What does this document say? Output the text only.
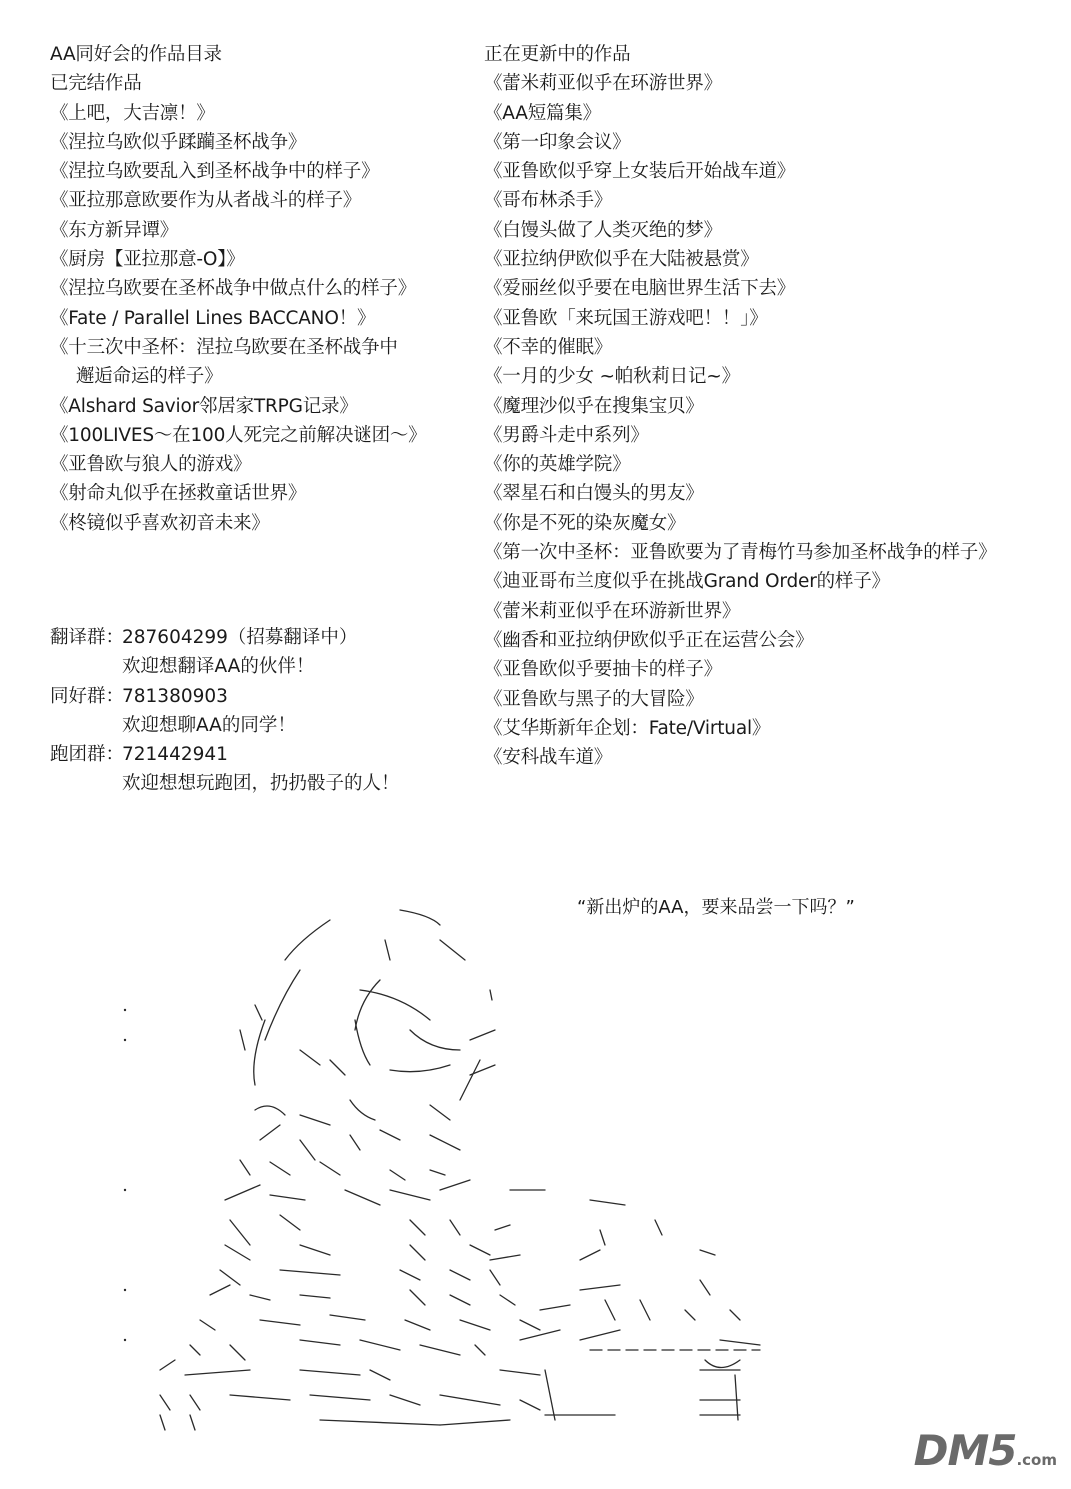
AA同好会的作品目录
已完结作品
《上吧，大吉凛！》
《涅拉乌欧似乎蹂躏圣杯战争》
《涅拉乌欧要乱入到圣杯战争中的样子》
《亚拉那意欧要作为从者战斗的样子》
《东方新异谭》
《厨房【亚拉那意-O】》
《涅拉乌欧要在圣杯战争中做点什么的样子》
《Fate / Parallel Lines BACCANO！》
《十三次中圣杯：涅拉乌欧要在圣杯战争中
邂逅命运的样子》
《Alshard Savior邻居家TRPG记录》
《100LIVES～在100人死完之前解决谜团～》
《亚鲁欧与狼人的游戏》
《射命丸似乎在拯救童话世界》
《柊镜似乎喜欢初音未来》
正在更新中的作品
《蕾米莉亚似乎在环游世界》
《AA短篇集》
《第一印象会议》
《亚鲁欧似乎穿上女装后开始战车道》
《哥布林杀手》
《白馒头做了人类灭绝的梦》
《亚拉纳伊欧似乎在大陆被悬赏》
《爱丽丝似乎要在电脑世界生活下去》
《亚鲁欧「来玩国王游戏吧！！」》
《不幸的催眠》
《一月的少女 ~帕秋莉日记~》
《魔理沙似乎在搜集宝贝》
《男爵斗走中系列》
《你的英雄学院》
《翠星石和白馒头的男友》
《你是不死的染灰魔女》
《第一次中圣杯：亚鲁欧要为了青梅竹马参加圣杯战争的样子》
《迪亚哥布兰度似乎在挑战Grand Order的样子》
《蕾米莉亚似乎在环游新世界》
《幽香和亚拉纳伊欧似乎正在运营公会》
《亚鲁欧似乎要抽卡的样子》
《亚鲁欧与黑子的大冒险》
《艾华斯新年企划：Fate/Virtual》
《安科战车道》
翻译群：287604299（招募翻译中）
欢迎想翻译AA的伙伴！
同好群：781380903
欢迎想聊AA的同学！
跑团群：721442941
欢迎想想玩跑团，扔扔骰子的人！
“新出炉的AA，要来品尝一下吗？”
DM5.com
